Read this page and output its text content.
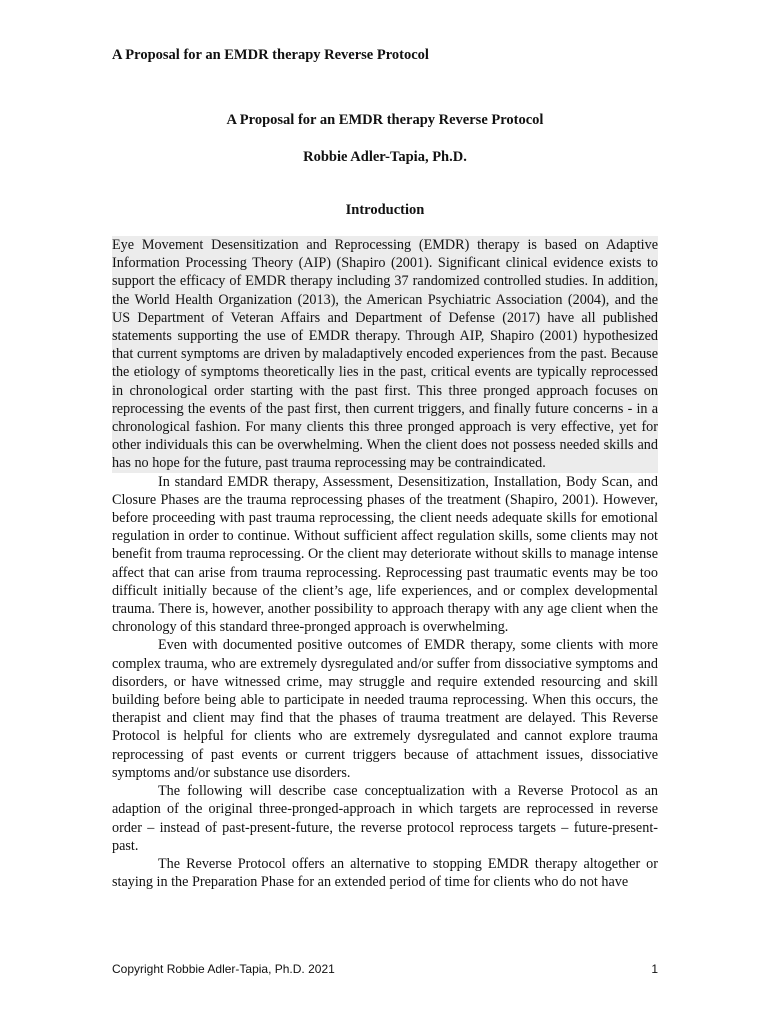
A Proposal for an EMDR therapy Reverse Protocol
A Proposal for an EMDR therapy Reverse Protocol
Robbie Adler-Tapia, Ph.D.
Introduction

Eye Movement Desensitization and Reprocessing (EMDR) therapy is based on Adaptive Information Processing Theory (AIP) (Shapiro (2001). Significant clinical evidence exists to support the efficacy of EMDR therapy including 37 randomized controlled studies. In addition, the World Health Organization (2013), the American Psychiatric Association (2004), and the US Department of Veteran Affairs and Department of Defense (2017) have all published statements supporting the use of EMDR therapy. Through AIP, Shapiro (2001) hypothesized that current symptoms are driven by maladaptively encoded experiences from the past. Because the etiology of symptoms theoretically lies in the past, critical events are typically reprocessed in chronological order starting with the past first. This three pronged approach focuses on reprocessing the events of the past first, then current triggers, and finally future concerns - in a chronological fashion. For many clients this three pronged approach is very effective, yet for other individuals this can be overwhelming. When the client does not possess needed skills and has no hope for the future, past trauma reprocessing may be contraindicated.

In standard EMDR therapy, Assessment, Desensitization, Installation, Body Scan, and Closure Phases are the trauma reprocessing phases of the treatment (Shapiro, 2001). However, before proceeding with past trauma reprocessing, the client needs adequate skills for emotional regulation in order to continue. Without sufficient affect regulation skills, some clients may not benefit from trauma reprocessing. Or the client may deteriorate without skills to manage intense affect that can arise from trauma reprocessing. Reprocessing past traumatic events may be too difficult initially because of the client’s age, life experiences, and or complex developmental trauma. There is, however, another possibility to approach therapy with any age client when the chronology of this standard three-pronged approach is overwhelming.

Even with documented positive outcomes of EMDR therapy, some clients with more complex trauma, who are extremely dysregulated and/or suffer from dissociative symptoms and disorders, or have witnessed crime, may struggle and require extended resourcing and skill building before being able to participate in needed trauma reprocessing. When this occurs, the therapist and client may find that the phases of trauma treatment are delayed. This Reverse Protocol is helpful for clients who are extremely dysregulated and cannot explore trauma reprocessing of past events or current triggers because of attachment issues, dissociative symptoms and/or substance use disorders.

The following will describe case conceptualization with a Reverse Protocol as an adaption of the original three-pronged-approach in which targets are reprocessed in reverse order – instead of past-present-future, the reverse protocol reprocess targets – future-present-past.

The Reverse Protocol offers an alternative to stopping EMDR therapy altogether or staying in the Preparation Phase for an extended period of time for clients who do not have

Copyright Robbie Adler-Tapia, Ph.D. 2021	1
